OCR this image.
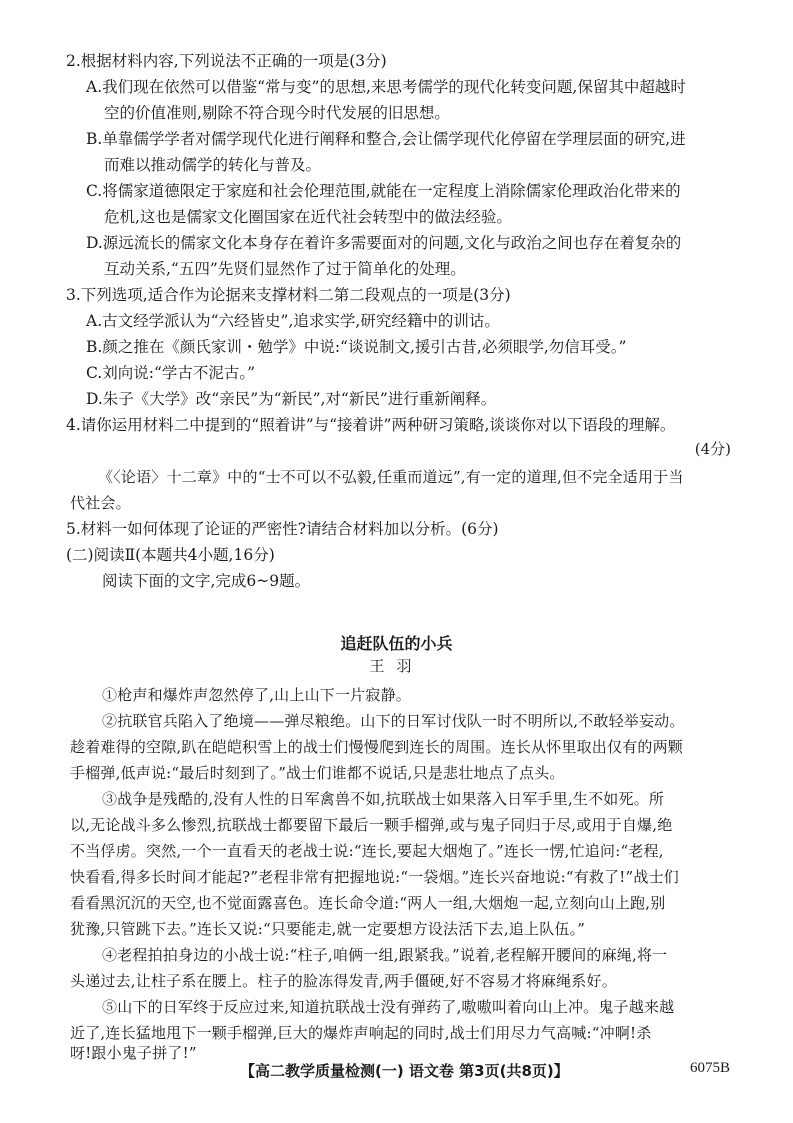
2.根据材料内容,下列说法不正确的一项是(3分)
A.我们现在依然可以借鉴“常与变”的思想,来思考儒学的现代化转变问题,保留其中超越时
空的价值准则,剔除不符合现今时代发展的旧思想。
B.单靠儒学学者对儒学现代化进行阐释和整合,会让儒学现代化停留在学理层面的研究,进
而难以推动儒学的转化与普及。
C.将儒家道德限定于家庭和社会伦理范围,就能在一定程度上消除儒家伦理政治化带来的
危机,这也是儒家文化圈国家在近代社会转型中的做法经验。
D.源远流长的儒家文化本身存在着许多需要面对的问题,文化与政治之间也存在着复杂的
互动关系,“五四”先贤们显然作了过于简单化的处理。
3.下列选项,适合作为论据来支撑材料二第二段观点的一项是(3分)
A.古文经学派认为“六经皆史”,追求实学,研究经籍中的训诂。
B.颜之推在《颜氏家训・勉学》中说:“谈说制文,援引古昔,必须眼学,勿信耳受。”
C.刘向说:“学古不泥古。”
D.朱子《大学》改“亲民”为“新民”,对“新民”进行重新阐释。
4.请你运用材料二中提到的“照着讲”与“接着讲”两种研习策略,谈谈你对以下语段的理解。
(4分)
《〈论语〉十二章》中的“士不可以不弘毅,任重而道远”,有一定的道理,但不完全适用于当
代社会。
5.材料一如何体现了论证的严密性?请结合材料加以分析。(6分)
(二)阅读Ⅱ(本题共4小题,16分)
阅读下面的文字,完成6~9题。
追赶队伍的小兵
王羽
①枪声和爆炸声忽然停了,山上山下一片寂静。
②抗联官兵陷入了绝境——弹尽粮绝。山下的日军讨伐队一时不明所以,不敢轻举妄动。
趁着难得的空隙,趴在皑皑积雪上的战士们慢慢爬到连长的周围。连长从怀里取出仅有的两颗
手榴弹,低声说:“最后时刻到了。”战士们谁都不说话,只是悲壮地点了点头。
③战争是残酷的,没有人性的日军禽兽不如,抗联战士如果落入日军手里,生不如死。所
以,无论战斗多么惨烈,抗联战士都要留下最后一颗手榴弹,或与鬼子同归于尽,或用于自爆,绝
不当俘虏。突然,一个一直看天的老战士说:“连长,要起大烟炮了。”连长一愣,忙追问:“老程,
快看看,得多长时间才能起?”老程非常有把握地说:“一袋烟。”连长兴奋地说:“有救了!”战士们
看看黑沉沉的天空,也不觉面露喜色。连长命令道:“两人一组,大烟炮一起,立刻向山上跑,别
犹豫,只管跳下去。”连长又说:“只要能走,就一定要想方设法活下去,追上队伍。”
④老程拍拍身边的小战士说:“柱子,咱俩一组,跟紧我。”说着,老程解开腰间的麻绳,将一
头递过去,让柱子系在腰上。柱子的脸冻得发青,两手僵硬,好不容易才将麻绳系好。
⑤山下的日军终于反应过来,知道抗联战士没有弹药了,嗷嗷叫着向山上冲。鬼子越来越
近了,连长猛地甩下一颗手榴弹,巨大的爆炸声响起的同时,战士们用尽力气高喊:“冲啊!杀
【高二教学质量检测(一) 语文卷 第3页(共8页)】	6075B
呀!跟小鬼子拼了!”
